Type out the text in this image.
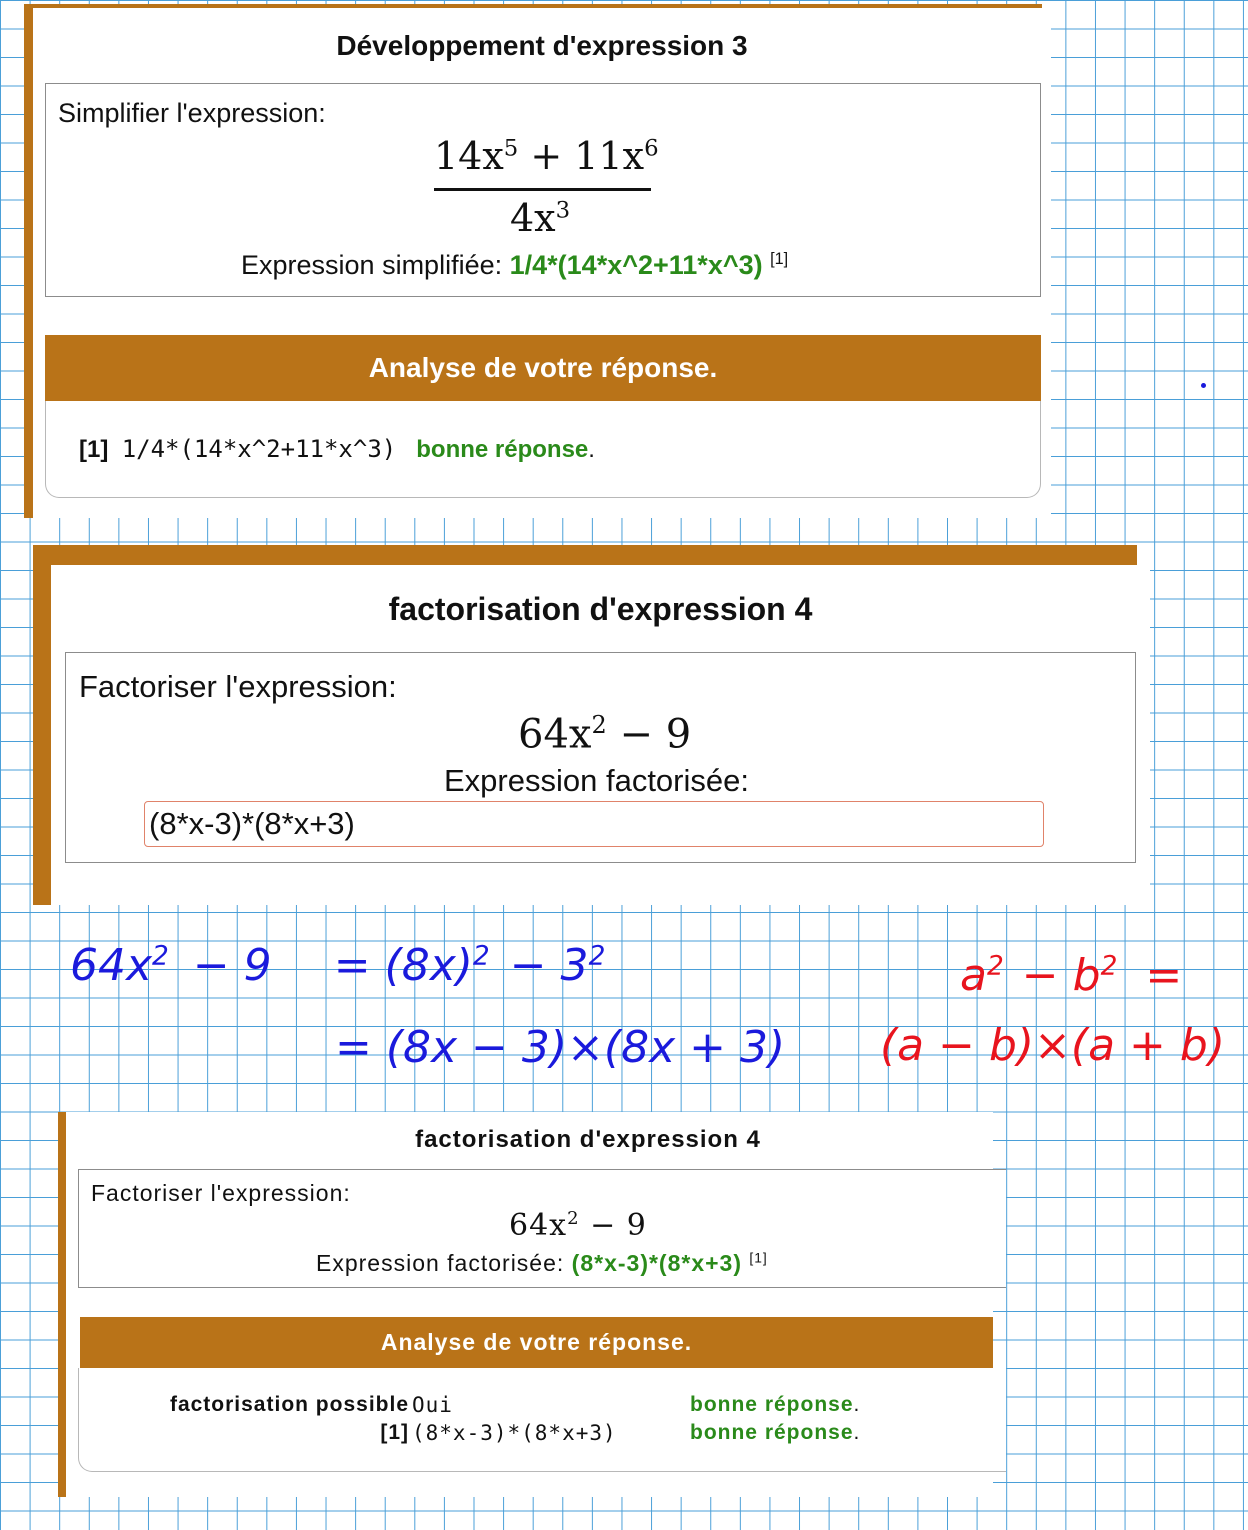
Développement d'expression 3
Simplifier l'expression:
$14x^5 + 11x^6$
$4x^3$
Expression simplifiée: 1/4*(14*x^2+11*x^3) [1]
Analyse de votre réponse.
[1] 1/4*(14*x^2+11*x^3) bonne réponse.
factorisation d'expression 4
Factoriser l'expression:
$64x^2 - 9$
Expression factorisée:
(8*x-3)*(8*x+3)
$64x^2 - 9 = (8x)^2 - 3^2$
= (8x − 3)×(8x + 3)
$a^2 - b^2$ =
(a − b)×(a + b)
factorisation d'expression 4
Factoriser l'expression:
$64x^2 - 9$
Expression factorisée: (8*x-3)*(8*x+3) [1]
Analyse de votre réponse.
factorisation possible Oui	bonne réponse.
[1] (8*x-3)*(8*x+3)	bonne réponse.
